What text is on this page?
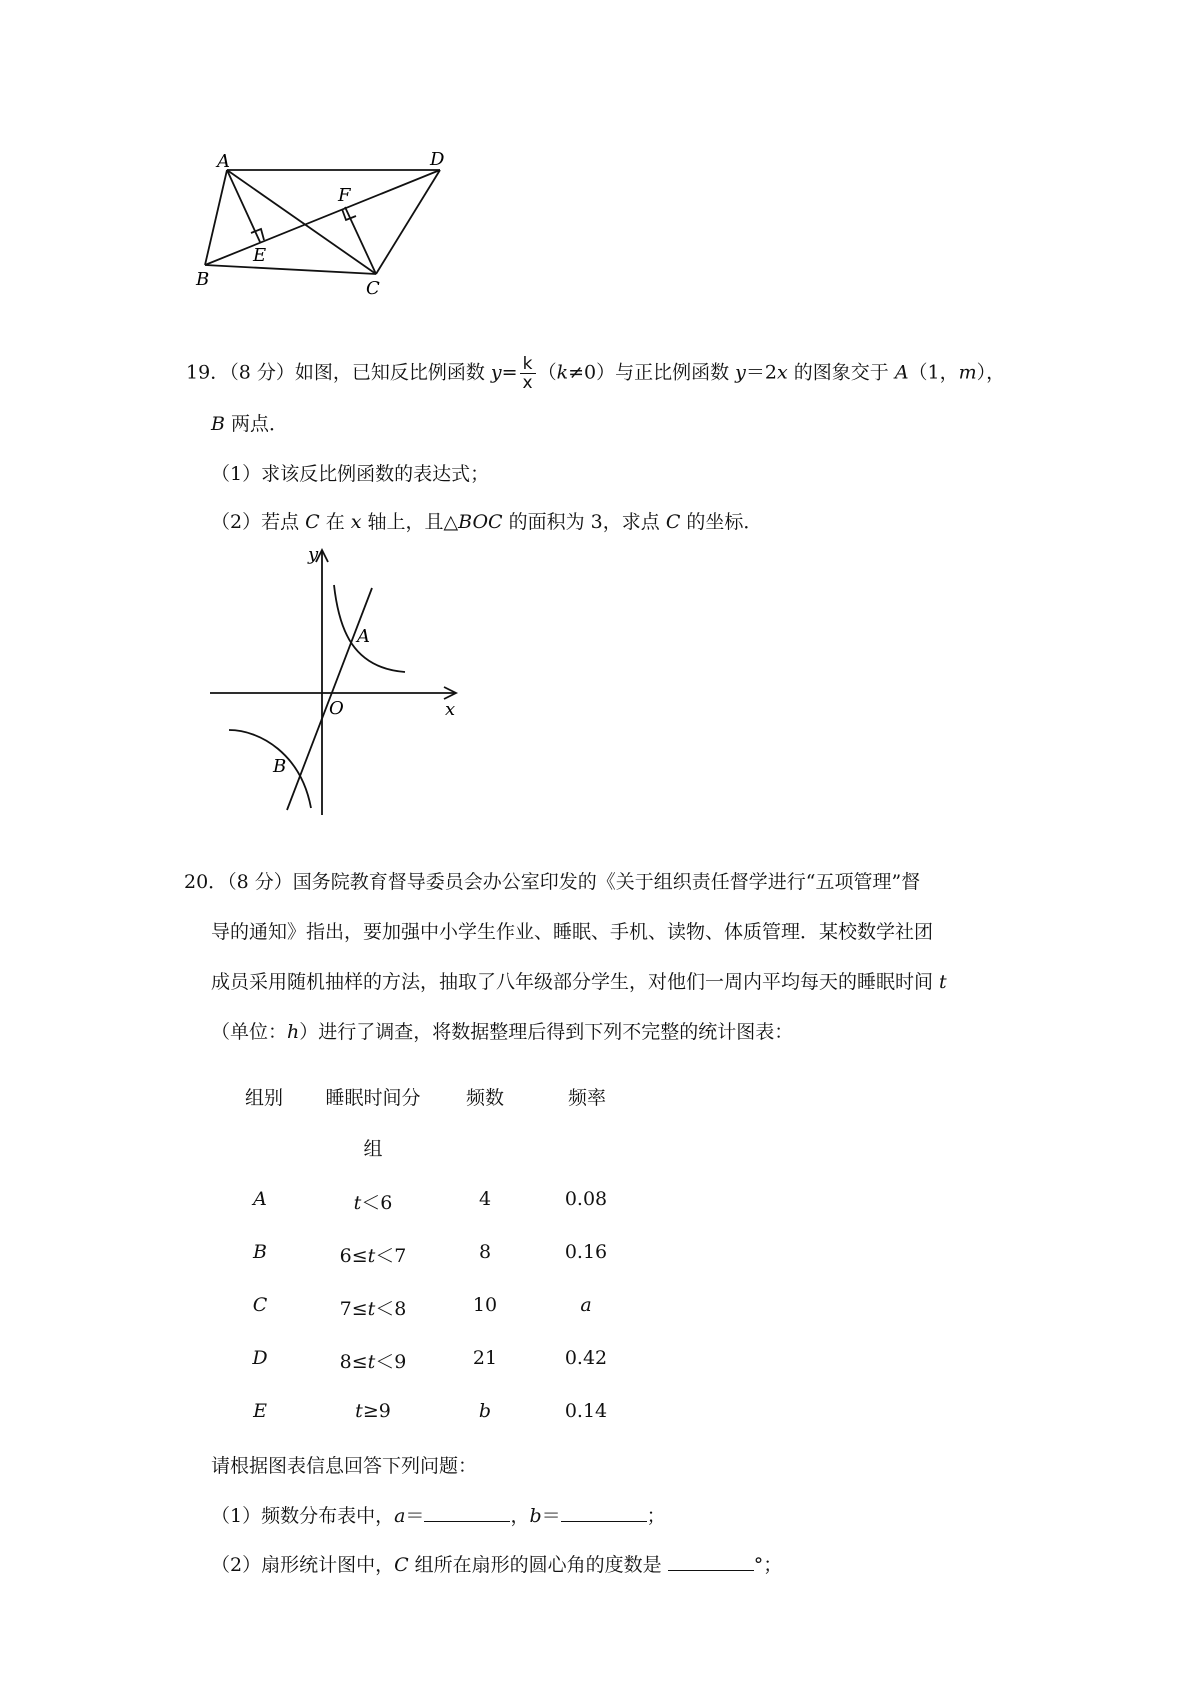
A	D
F
E
B	C
19．（8 分）如图，已知反比例函数 $y= \frac{k}{x} (k\ne 0)$与正比例函数 y＝2x 的图象交于 A（1，m），
B 两点．
（1）求该反比例函数的表达式；
（2）若点 C 在 x 轴上，且△BOC 的面积为 3，求点 C 的坐标．
y
x
O
A
B
20．（8 分）国务院教育督导委员会办公室印发的《关于组织责任督学进行“五项管理”督
导的通知》指出，要加强中小学生作业、睡眠、手机、读物、体质管理．某校数学社团
成员采用随机抽样的方法，抽取了八年级部分学生，对他们一周内平均每天的睡眠时间 t
（单位：h）进行了调查，将数据整理后得到下列不完整的统计图表：
组别	睡眠时间分	频数	频率
组
A	t＜6	4	0.08
B	6≤t＜7	8	0.16
C	7≤t＜8	10	a
D	8≤t＜9	21	0.42
E	t≥9	b	0.14
请根据图表信息回答下列问题：
（1）频数分布表中，a＝	，b＝	；
（2）扇形统计图中，C 组所在扇形的圆心角的度数是	°；
